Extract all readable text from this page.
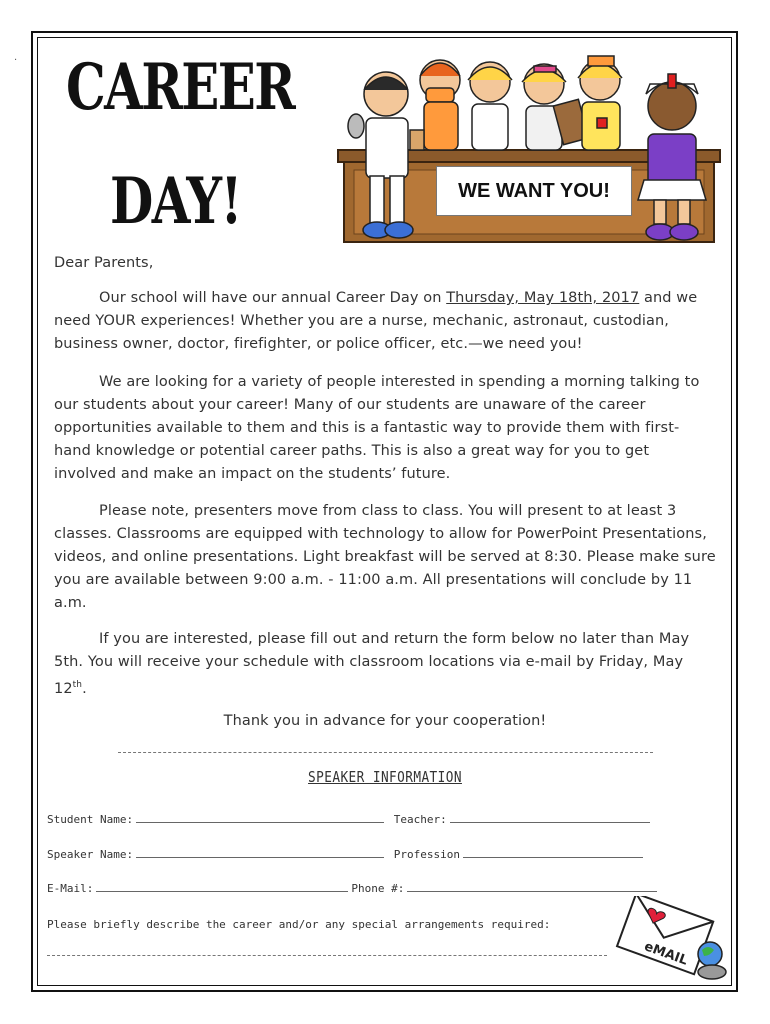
. CAREER
DAY!	WE WANT YOU!
Dear Parents,

Our school will have our annual Career Day on Thursday, May 18th, 2017 and we need YOUR experiences! Whether you are a nurse, mechanic, astronaut, custodian, business owner, doctor, firefighter, or police officer, etc.—we need you!

We are looking for a variety of people interested in spending a morning talking to our students about your career! Many of our students are unaware of the career opportunities available to them and this is a fantastic way to provide them with first-hand knowledge or potential career paths. This is also a great way for you to get involved and make an impact on the students’ future.

Please note, presenters move from class to class. You will present to at least 3 classes. Classrooms are equipped with technology to allow for PowerPoint Presentations, videos, and online presentations. Light breakfast will be served at 8:30. Please make sure you are available between 9:00 a.m. - 11:00 a.m. All presentations will conclude by 11 a.m.

If you are interested, please fill out and return the form below no later than May 5th. You will receive your schedule with classroom locations via e-mail by Friday, May 12th.

Thank you in advance for your cooperation!
SPEAKER INFORMATION
Student Name:	Teacher:
Speaker Name:	Profession
E-Mail:	Phone #:
Please briefly describe the career and/or any special arrangements required:
eMAIL
